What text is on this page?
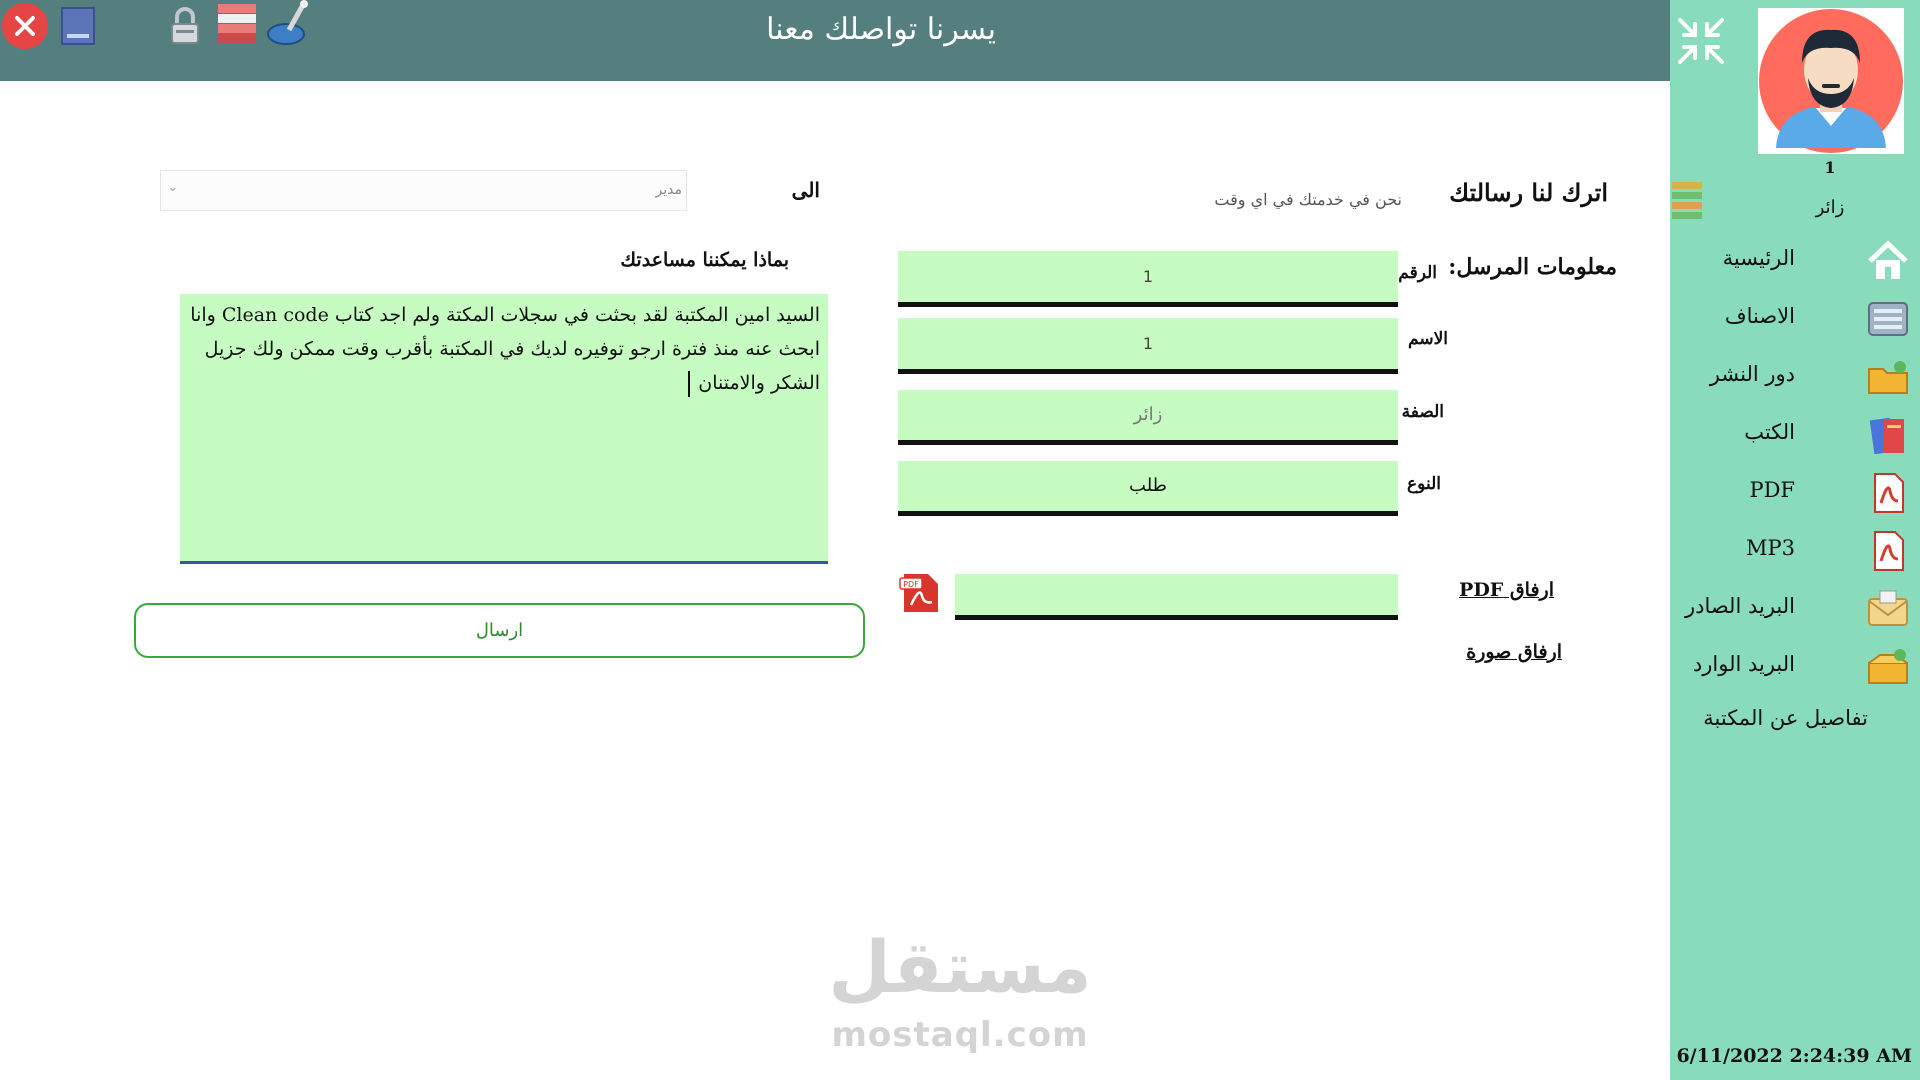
يسرنا تواصلك معنا
1
زائر
الرئيسية
الاصناف
دور النشر
الكتب
PDF
MP3
البريد الصادر
البريد الوارد
تفاصيل عن المكتبة
6/11/2022 2:24:39 AM
اترك لنا رسالتك
نحن في خدمتك في اي وقت
الى
مدير
⌄
بماذا يمكننا مساعدتك
السيد امين المكتبة لقد بحثت في سجلات المكتة ولم اجد كتاب Clean code وانا ابحث عنه منذ فترة ارجو توفيره لديك في المكتبة بأقرب وقت ممكن ولك جزيل الشكر والامتنان
ارسال
معلومات المرسل:
الرقم
1
الاسم
1
الصفة
زائر
النوع
طلب
PDF	ارفاق PDF
ارفاق صورة
مستقل
mostaql.com
